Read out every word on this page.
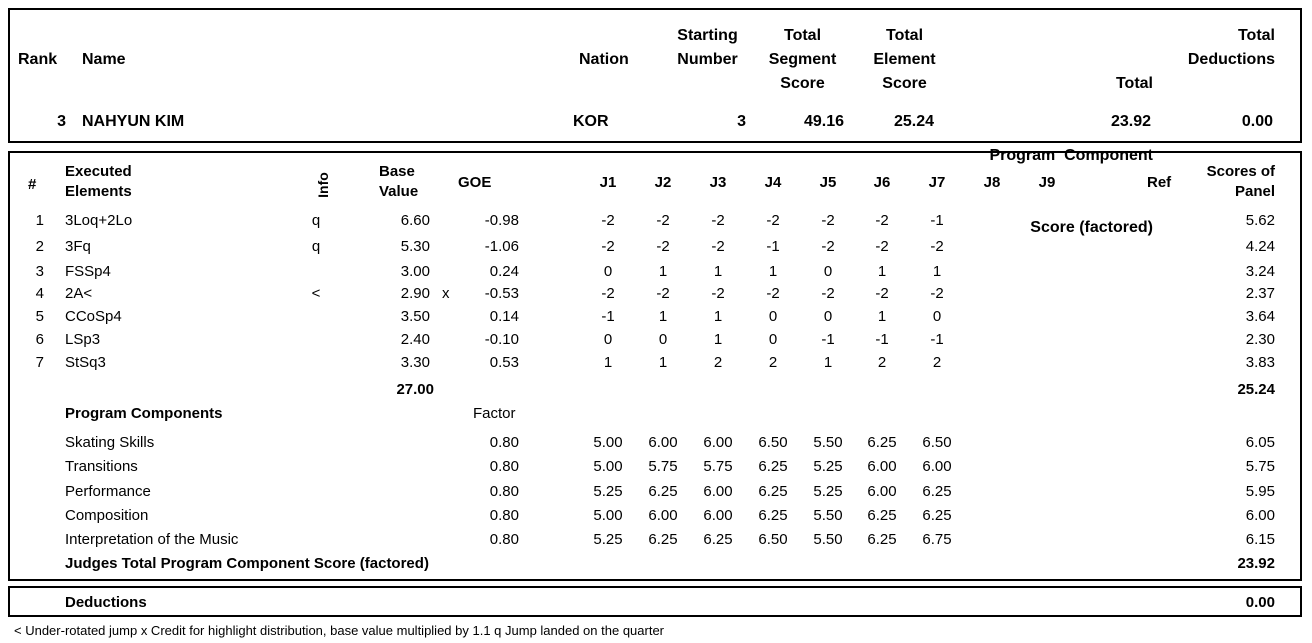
Rank Name	Nation
Starting
Number
Total
Segment
Score
Total
Element
Score

	Total

Program  Component

Score (factored)

Total
Deductions
3 NAHYUN KIM	KOR	3	49.16	25.24	23.92	0.00
#
Executed
Elements	Info
Base
Value
GOE	J1	J2	J3	J4	J5	J6	J7	J8	J9	Ref
Scores of
Panel
1 3Loq+2Lo	q	6.60	-0.98	-2	-2	-2	-2	-2	-2	-1	5.62
2 3Fq	q	5.30	-1.06	-2	-2	-2	-1	-2	-2	-2	4.24
3 FSSp4	3.00	0.24	0	1	1	1	0	1	1	3.24
4 2A<	<	2.90 x	-0.53	-2	-2	-2	-2	-2	-2	-2	2.37
5 CCoSp4	3.50	0.14	-1	1	1	0	0	1	0	3.64
6 LSp3	2.40	-0.10	0	0	1	0	-1	-1	-1	2.30
7 StSq3	3.30	0.53	1	1	2	2	1	2	2	3.83
27.00	25.24
Program Components	Factor
Skating Skills	0.80	5.00	6.00	6.00	6.50	5.50	6.25	6.50	6.05
Transitions	0.80	5.00	5.75	5.75	6.25	5.25	6.00	6.00	5.75
Performance	0.80	5.25	6.25	6.00	6.25	5.25	6.00	6.25	5.95
Composition	0.80	5.00	6.00	6.00	6.25	5.50	6.25	6.25	6.00
Interpretation of the Music	0.80	5.25	6.25	6.25	6.50	5.50	6.25	6.75	6.15
Judges Total Program Component Score (factored)	23.92
Deductions	0.00
< Under-rotated jump x Credit for highlight distribution, base value multiplied by 1.1 q Jump landed on the quarter
